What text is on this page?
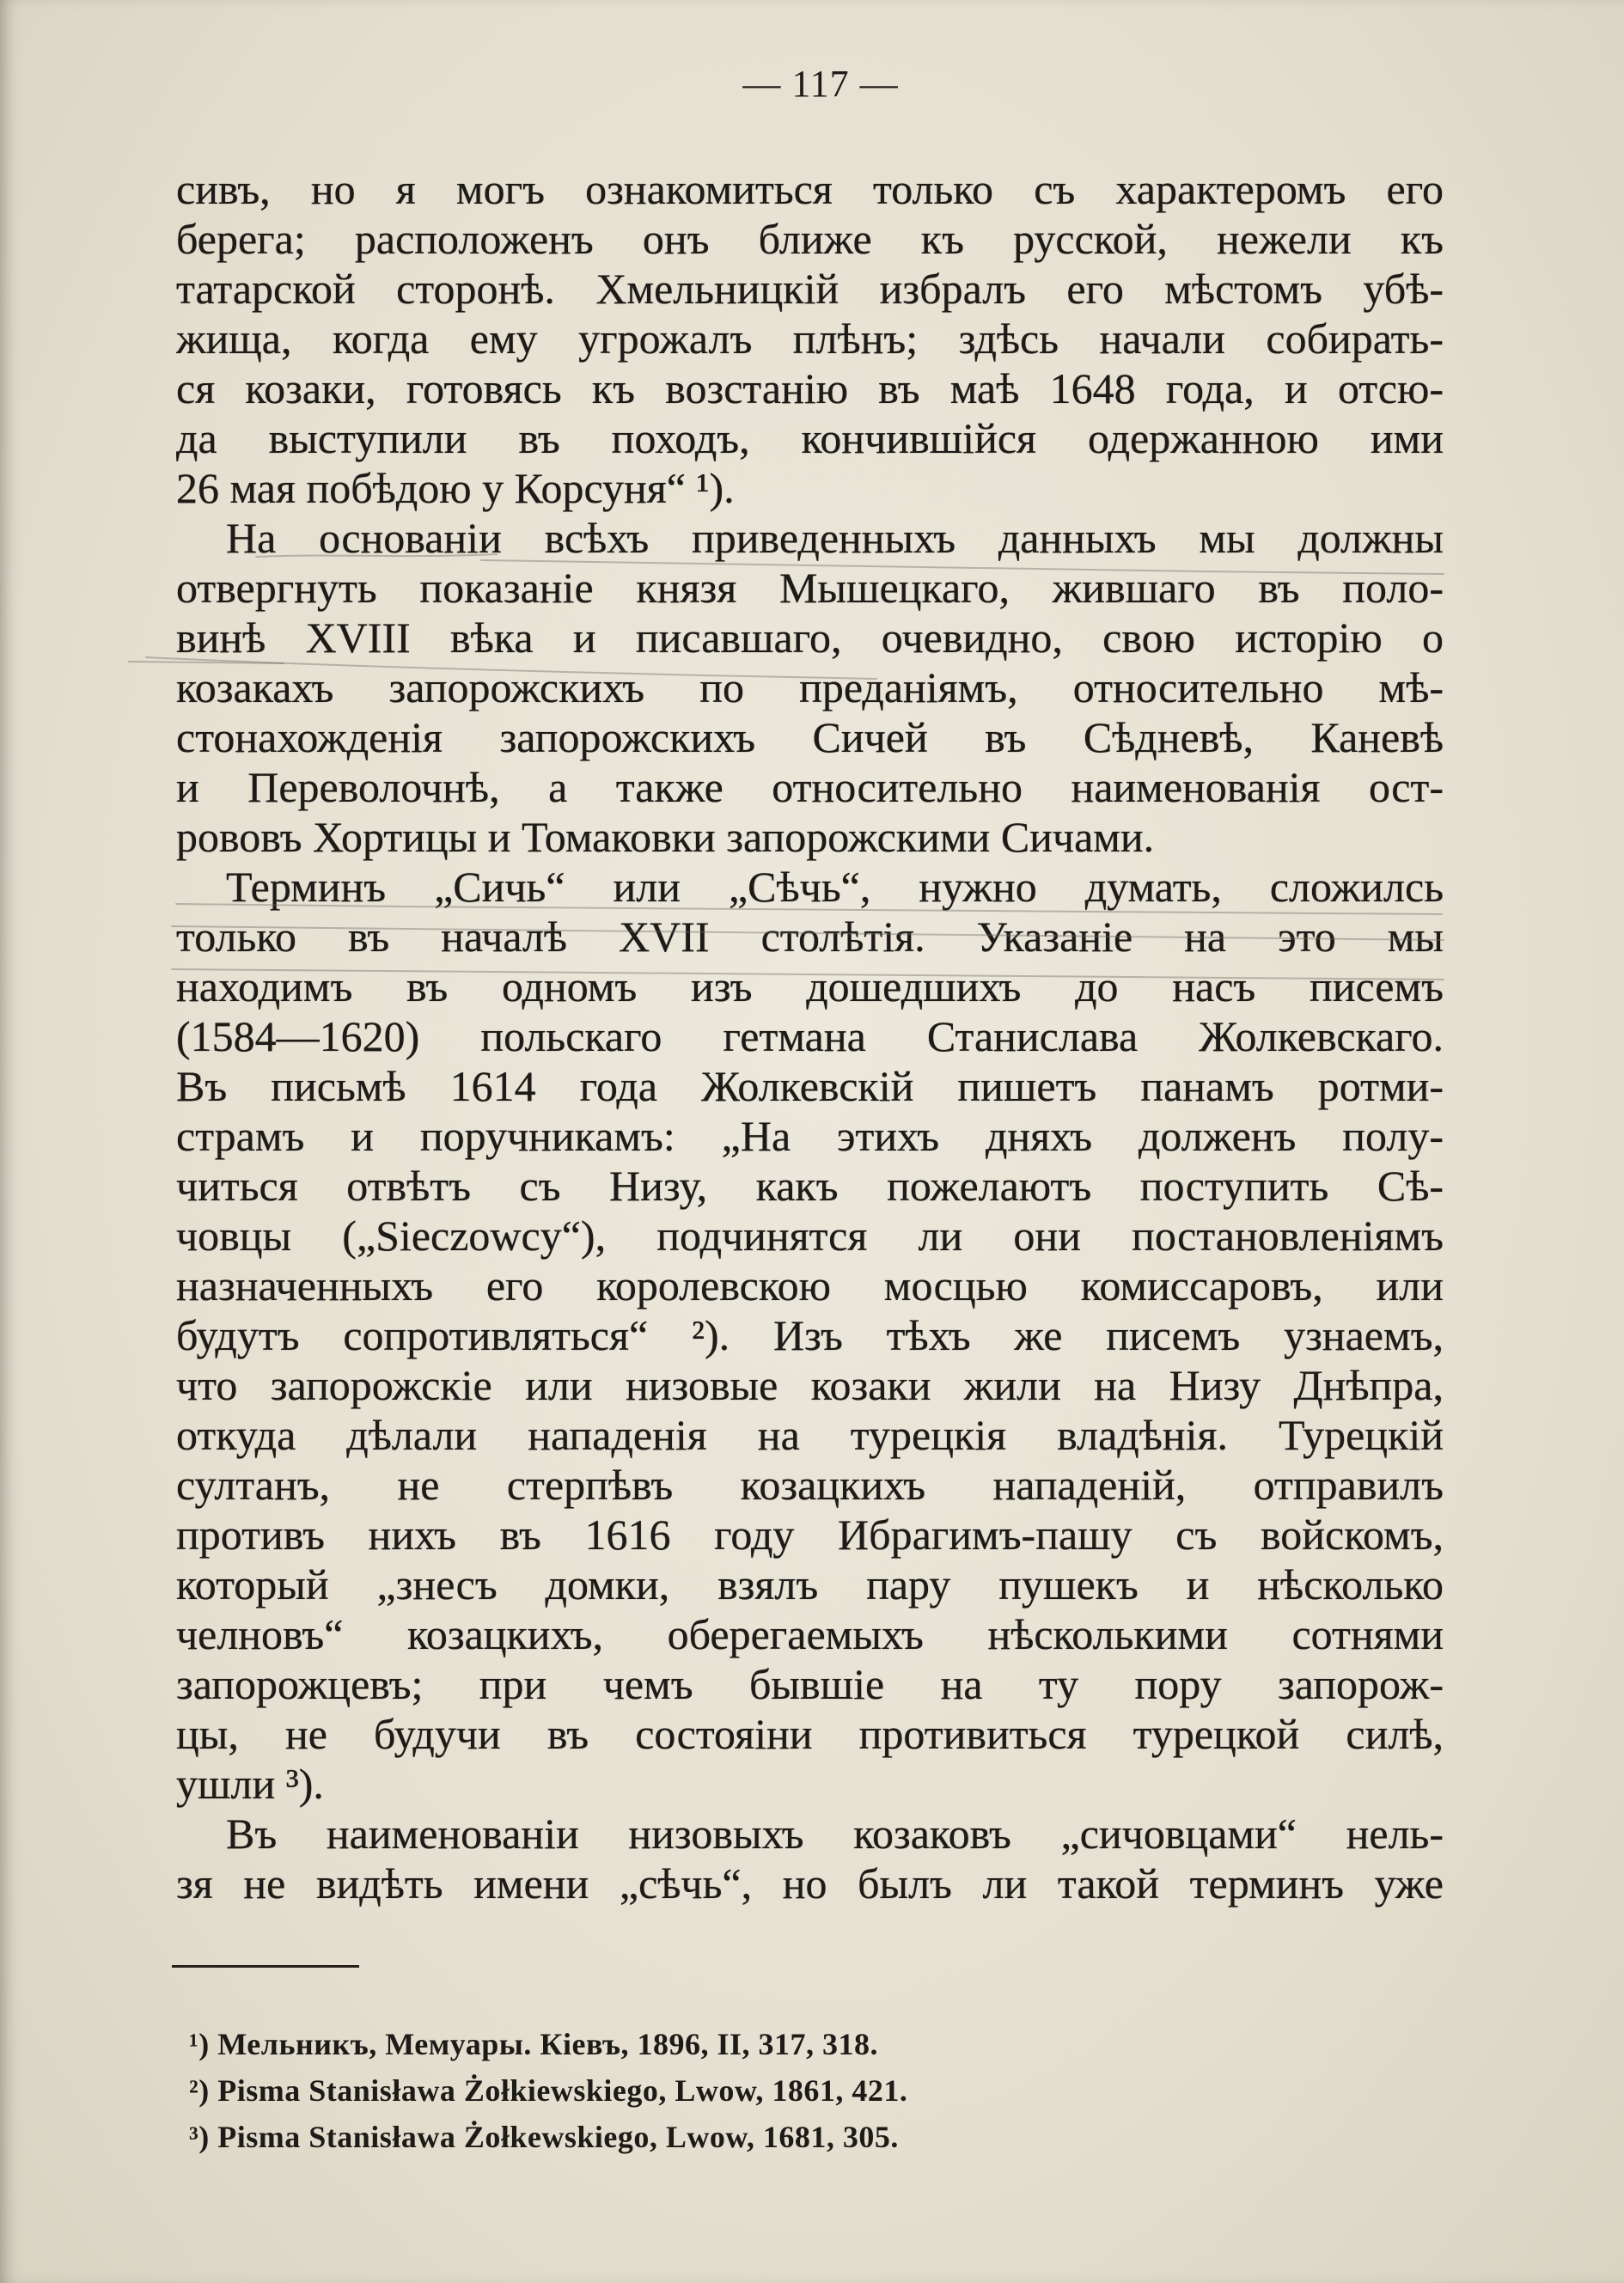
— 117 —
сивъ, но я могъ ознакомиться только съ характеромъ его
берега; расположенъ онъ ближе къ русской, нежели къ
татарской сторонѣ. Хмельницкій избралъ его мѣстомъ убѣ-
жища, когда ему угрожалъ плѣнъ; здѣсь начали собирать-
ся козаки, готовясь къ возстанію въ маѣ 1648 года, и отсю-
да выступили въ походъ, кончившійся одержанною ими
26 мая побѣдою у Корсуня“ ¹).
На основаніи всѣхъ приведенныхъ данныхъ мы должны
отвергнуть показаніе князя Мышецкаго, жившаго въ поло-
винѣ XVIII вѣка и писавшаго, очевидно, свою исторію о
козакахъ запорожскихъ по преданіямъ, относительно мѣ-
стонахожденія запорожскихъ Сичей въ Сѣдневѣ, Каневѣ
и Переволочнѣ, а также относительно наименованія ост-
рововъ Хортицы и Томаковки запорожскими Сичами.
Терминъ „Сичь“ или „Сѣчь“, нужно думать, сложилсь
только въ началѣ XVII столѣтія. Указаніе на это мы
находимъ въ одномъ изъ дошедшихъ до насъ писемъ
(1584—1620) польскаго гетмана Станислава Жолкевскаго.
Въ письмѣ 1614 года Жолкевскій пишетъ панамъ ротми-
страмъ и поручникамъ: „На этихъ дняхъ долженъ полу-
читься отвѣтъ съ Низу, какъ пожелаютъ поступить Сѣ-
човцы („Sieczowcy“), подчинятся ли они постановленіямъ
назначенныхъ его королевскою мосцью комиссаровъ, или
будутъ сопротивляться“ ²). Изъ тѣхъ же писемъ узнаемъ,
что запорожскіе или низовые козаки жили на Низу Днѣпра,
откуда дѣлали нападенія на турецкія владѣнія. Турецкій
султанъ, не стерпѣвъ козацкихъ нападеній, отправилъ
противъ нихъ въ 1616 году Ибрагимъ-пашу съ войскомъ,
который „знесъ домки, взялъ пару пушекъ и нѣсколько
челновъ“ козацкихъ, оберегаемыхъ нѣсколькими сотнями
запорожцевъ; при чемъ бывшіе на ту пору запорож-
цы, не будучи въ состояіни противиться турецкой силѣ,
ушли ³).
Въ наименованіи низовыхъ козаковъ „сичовцами“ нель-
зя не видѣть имени „сѣчь“, но былъ ли такой терминъ уже
¹) Мельникъ, Мемуары. Кіевъ, 1896, II, 317, 318.
²) Pisma Stanisława Żołkiewskiego, Lwow, 1861, 421.
³) Pisma Stanisława Żołkewskiego, Lwow, 1681, 305.
